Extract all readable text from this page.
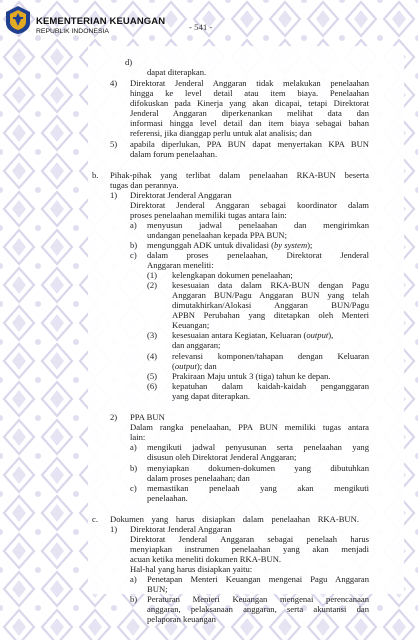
KEMENTERIAN KEUANGAN
REPUBLIK INDONESIA	- 541 -
d)
dapat diterapkan.
4) Direktorat Jenderal Anggaran tidak melakukan penelaahan
hingga ke level detail atau item biaya. Penelaahan
difokuskan pada Kinerja yang akan dicapai, tetapi Direktorat
Jenderal Anggaran diperkenankan melihat data dan
informasi hingga level detail dan item biaya sebagai bahan
referensi, jika dianggap perlu untuk alat analisis; dan
5) apabila diperlukan, PPA BUN dapat menyertakan KPA BUN
dalam forum penelaahan.
b. Pihak-pihak yang terlibat dalam penelaahan RKA-BUN beserta
tugas dan perannya.
1) Direktorat Jenderal Anggaran
Direktorat Jenderal Anggaran sebagai koordinator dalam
proses penelaahan memiliki tugas antara lain:
a) menyusun jadwal penelaahan dan mengirimkan
undangan penelaahan kepada PPA BUN;
b) mengunggah ADK untuk divalidasi (by system);
c) dalam proses penelaahan, Direktorat Jenderal
Anggaran meneliti:
(1) kelengkapan dokumen penelaahan;
(2) kesesuaian data dalam RKA-BUN dengan Pagu
Anggaran BUN/Pagu Anggaran BUN yang telah
dimutakhirkan/Alokasi Anggaran BUN/Pagu
APBN Perubahan yang ditetapkan oleh Menteri
Keuangan;
(3) kesesuaian antara Kegiatan, Keluaran (output),
dan anggaran;
(4) relevansi komponen/tahapan dengan Keluaran
(output); dan
(5) Prakiraan Maju untuk 3 (tiga) tahun ke depan.
(6) kepatuhan dalam kaidah-kaidah penganggaran
yang dapat diterapkan.
2) PPA BUN
Dalam rangka penelaahan, PPA BUN memiliki tugas antara
lain:
a) mengikuti jadwal penyusunan serta penelaahan yang
disusun oleh Direktorat Jenderal Anggaran;
b) menyiapkan dokumen-dokumen yang dibutuhkan
dalam proses penelaahan; dan
c) memastikan penelaah yang akan mengikuti
penelaahan.
c. Dokumen yang harus disiapkan dalam penelaahan RKA-BUN.
1) Direktorat Jenderal Anggaran
Direktorat Jenderal Anggaran sebagai penelaah harus
menyiapkan instrumen penelaahan yang akan menjadi
acuan ketika meneliti dokumen RKA-BUN.
Hal-hal yang harus disiapkan yaitu:
a) Penetapan Menteri Keuangan mengenai Pagu Anggaran
BUN;
b) Peraturan Menteri Keuangan mengenai perencanaan
anggaran, pelaksanaan anggaran, serta akuntansi dan
pelaporan keuangan
